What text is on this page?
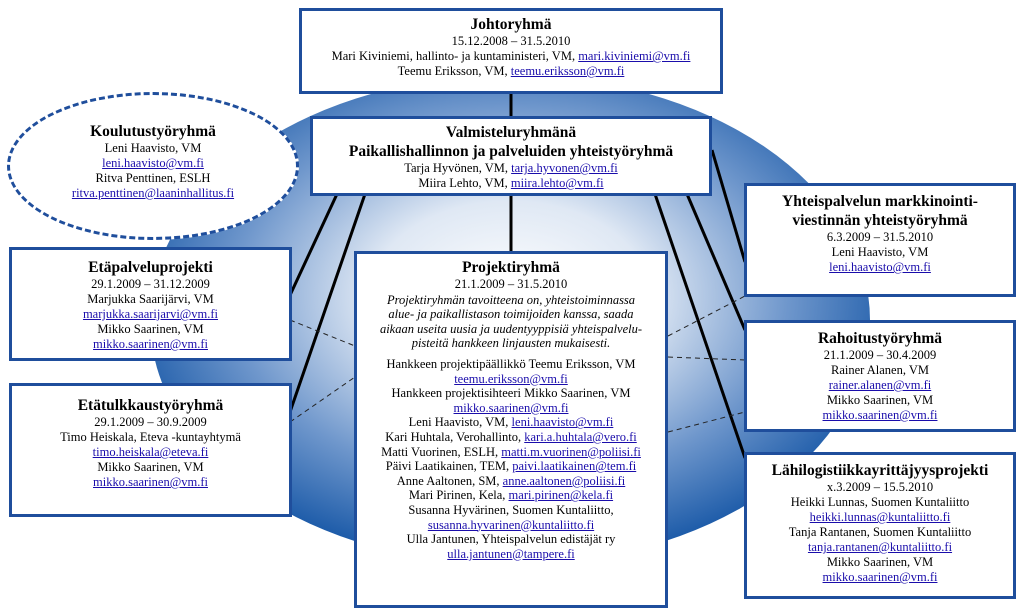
Johtoryhmä
15.12.2008 – 31.5.2010
Mari Kiviniemi, hallinto- ja kuntaministeri, VM, mari.kiviniemi@vm.fi
Teemu Eriksson, VM, teemu.eriksson@vm.fi
Valmisteluryhmänä
Paikallishallinnon ja palveluiden yhteistyöryhmä
Tarja Hyvönen, VM, tarja.hyvonen@vm.fi
Miira Lehto, VM, miira.lehto@vm.fi
Koulutustyöryhmä
Leni Haavisto, VM
leni.haavisto@vm.fi
Ritva Penttinen, ESLH
ritva.penttinen@laaninhallitus.fi
Etäpalveluprojekti
29.1.2009 – 31.12.2009
Marjukka Saarijärvi, VM
marjukka.saarijarvi@vm.fi
Mikko Saarinen, VM
mikko.saarinen@vm.fi
Etätulkkaustyöryhmä
29.1.2009 – 30.9.2009
Timo Heiskala, Eteva -kuntayhtymä
timo.heiskala@eteva.fi
Mikko Saarinen, VM
mikko.saarinen@vm.fi
Projektiryhmä
21.1.2009 – 31.5.2010
Projektiryhmän tavoitteena on, yhteistoiminnassa alue- ja paikallistason toimijoiden kanssa, saada aikaan useita uusia ja uudentyyppisiä yhteispalvelu-pisteitä hankkeen linjausten mukaisesti.
Hankkeen projektipäällikkö Teemu Eriksson, VM
teemu.eriksson@vm.fi
Hankkeen projektisihteeri Mikko Saarinen, VM
mikko.saarinen@vm.fi
Leni Haavisto, VM, leni.haavisto@vm.fi
Kari Huhtala, Verohallinto, kari.a.huhtala@vero.fi
Matti Vuorinen, ESLH, matti.m.vuorinen@poliisi.fi
Päivi Laatikainen, TEM, paivi.laatikainen@tem.fi
Anne Aaltonen, SM, anne.aaltonen@poliisi.fi
Mari Pirinen, Kela, mari.pirinen@kela.fi
Susanna Hyvärinen, Suomen Kuntaliitto,
susanna.hyvarinen@kuntaliitto.fi
Ulla Jantunen, Yhteispalvelun edistäjät ry
ulla.jantunen@tampere.fi
Yhteispalvelun markkinointi-
viestinnän yhteistyöryhmä
6.3.2009 – 31.5.2010
Leni Haavisto, VM
leni.haavisto@vm.fi
Rahoitustyöryhmä
21.1.2009 – 30.4.2009
Rainer Alanen, VM
rainer.alanen@vm.fi
Mikko Saarinen, VM
mikko.saarinen@vm.fi
Lähilogistiikkayrittäjyysprojekti
x.3.2009 – 15.5.2010
Heikki Lunnas, Suomen Kuntaliitto
heikki.lunnas@kuntaliitto.fi
Tanja Rantanen, Suomen Kuntaliitto
tanja.rantanen@kuntaliitto.fi
Mikko Saarinen, VM
mikko.saarinen@vm.fi
